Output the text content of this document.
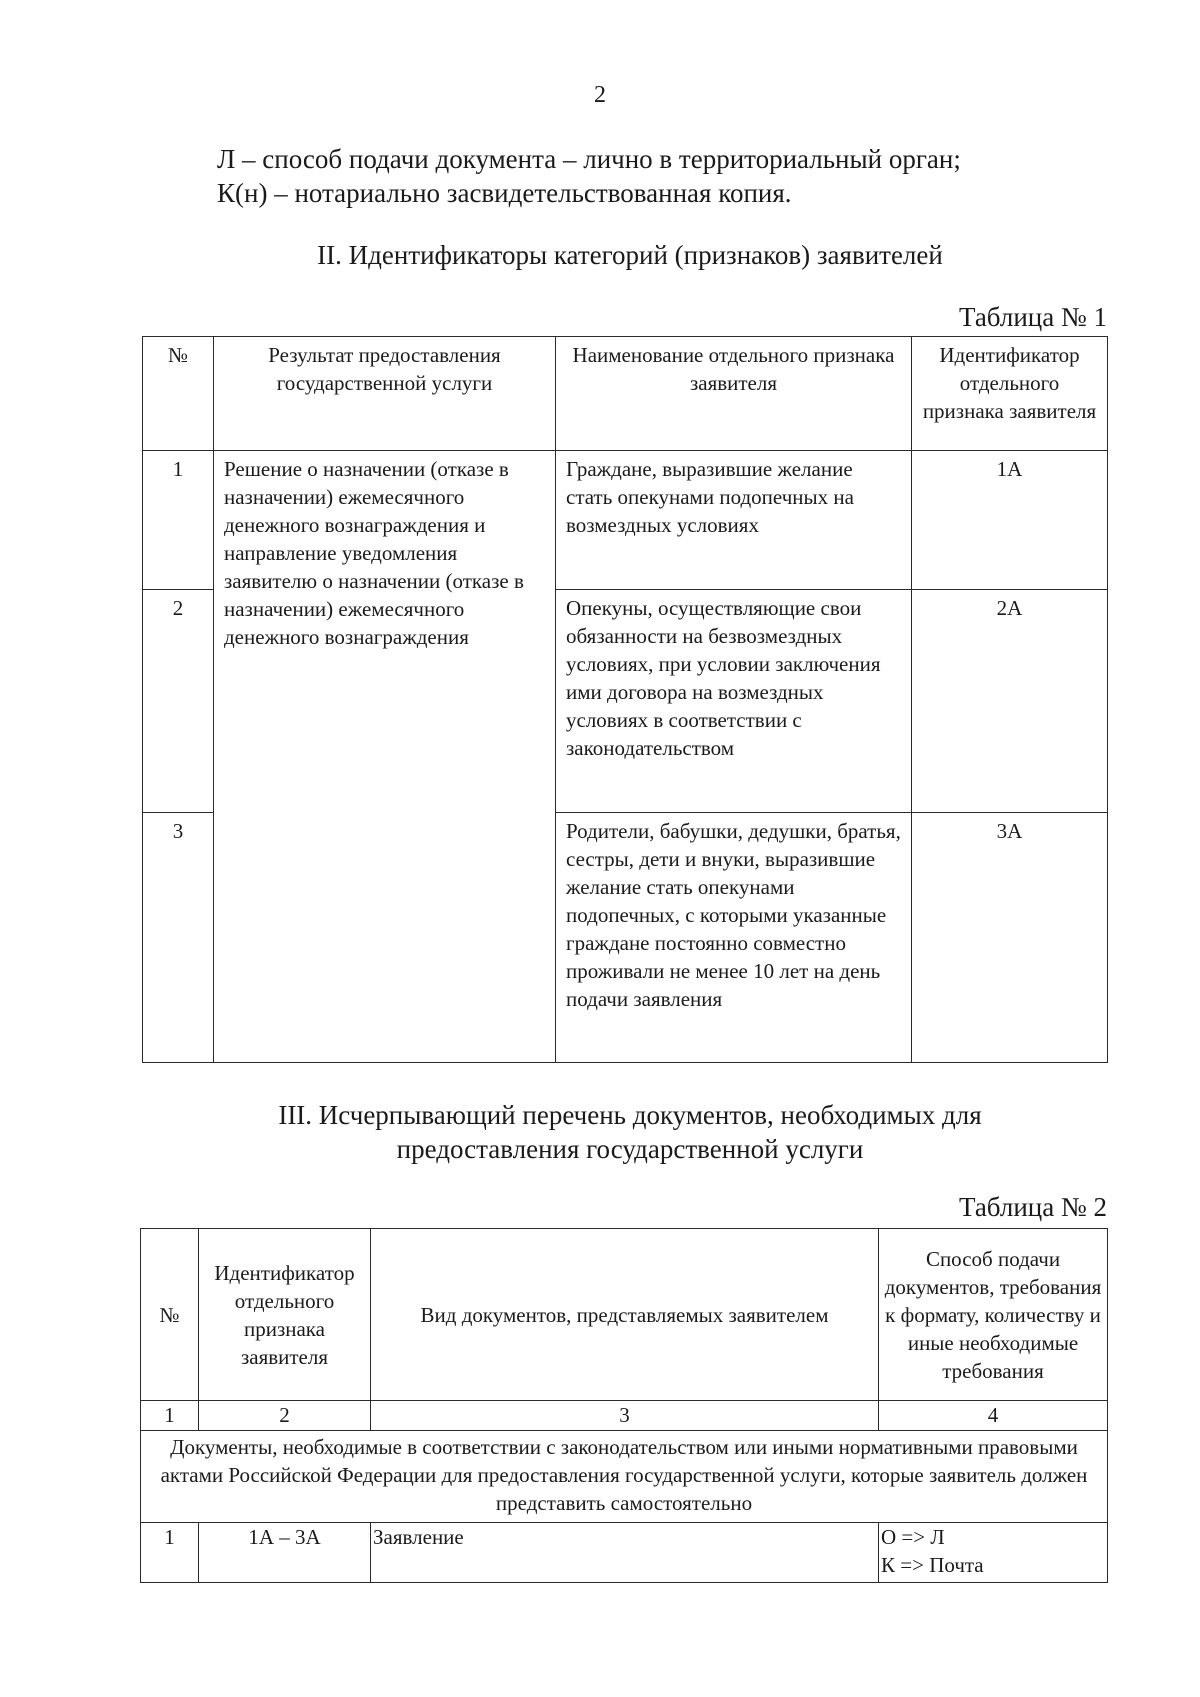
2
Л – способ подачи документа – лично в территориальный орган;
К(н) – нотариально засвидетельствованная копия.
II. Идентификаторы категорий (признаков) заявителей
Таблица № 1
№	Результат предоставления государственной услуги	Наименование отдельного признака заявителя	Идентификатор отдельного признака заявителя
1	Решение о назначении (отказе в назначении) ежемесячного денежного вознаграждения и направление уведомления заявителю о назначении (отказе в назначении) ежемесячного денежного вознаграждения	Граждане, выразившие желание стать опекунами подопечных на возмездных условиях	1А
2		Опекуны, осуществляющие свои обязанности на безвозмездных условиях, при условии заключения ими договора на возмездных условиях в соответствии с законодательством	2А
3		Родители, бабушки, дедушки, братья, сестры, дети и внуки, выразившие желание стать опекунами подопечных, с которыми указанные граждане постоянно совместно проживали не менее 10 лет на день подачи заявления	3А
III. Исчерпывающий перечень документов, необходимых для
предоставления государственной услуги
Таблица № 2
№	Идентификатор отдельного признака заявителя	Вид документов, представляемых заявителем	Способ подачи документов, требования к формату, количеству и иные необходимые требования
1	2	3	4
Документы, необходимые в соответствии с законодательством или иными нормативными правовыми актами Российской Федерации для предоставления государственной услуги, которые заявитель должен представить самостоятельно			
1	1А – 3А	Заявление	О => Л
К => Почта
